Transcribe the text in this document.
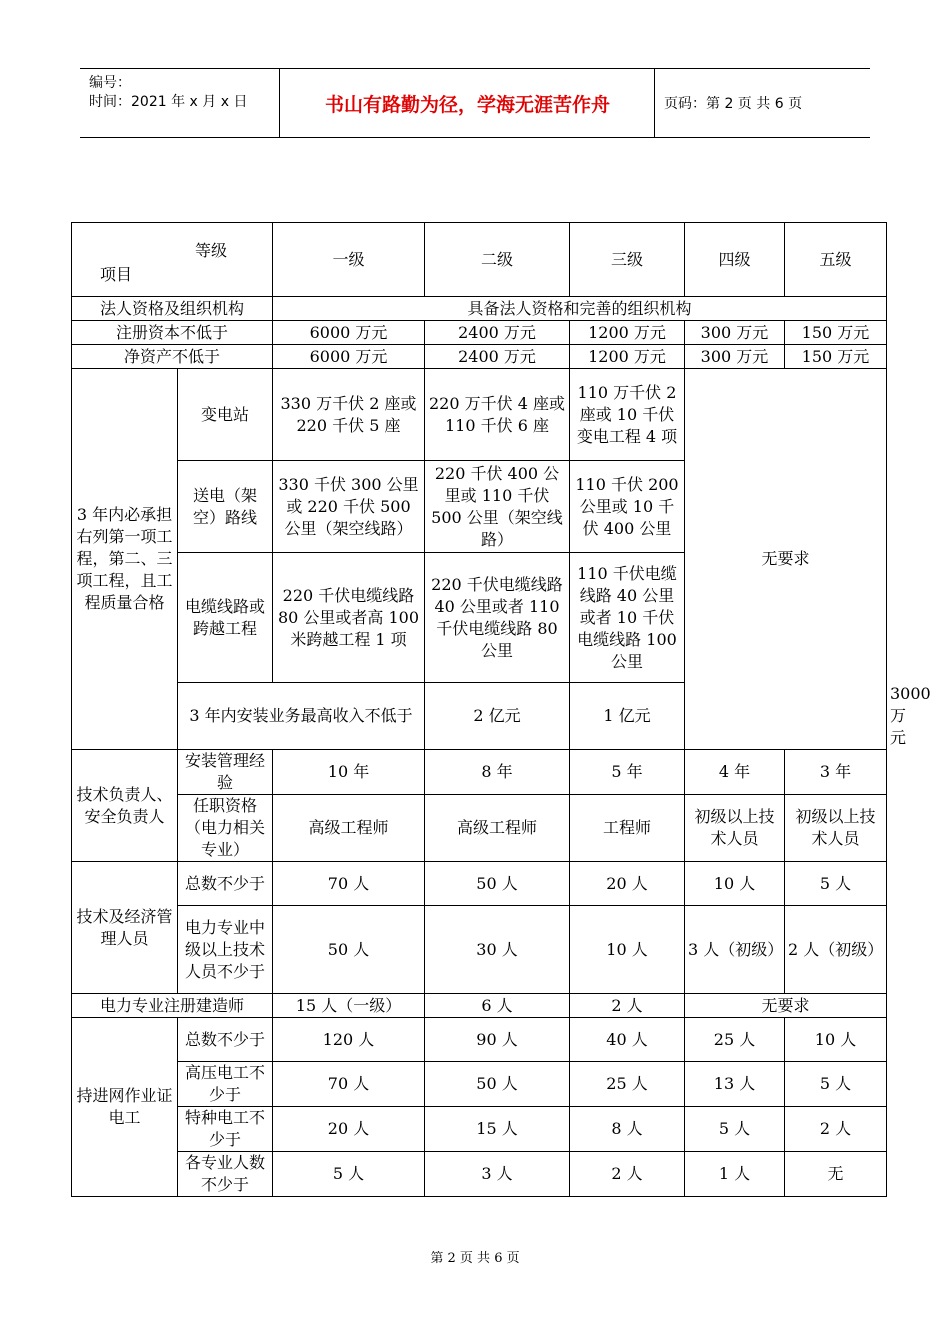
编号：
时间：2021 年 x 月 x 日	书山有路勤为径，学海无涯苦作舟	页码：第 2 页 共 6 页
等级
项目		一级	二级	三级	四级	五级	
法人资格及组织机构		具备法人资格和完善的组织机构					
注册资本不低于		6000 万元	2400 万元	1200 万元	300 万元	150 万元	
净资产不低于		6000 万元	2400 万元	1200 万元	300 万元	150 万元	
3 年内必承担右列第一项工程，第二、三项工程，且工程质量合格	变电站	330 万千伏 2 座或 220 千伏 5 座	220 万千伏 4 座或 110 千伏 6 座	110 万千伏 2 座或 10 千伏变电工程 4 项	无要求		
	送电（架空）路线	330 千伏 300 公里或 220 千伏 500 公里（架空线路）	220 千伏 400 公里或 110 千伏 500 公里（架空线路）	110 千伏 200 公里或 10 千伏 400 公里			
	电缆线路或跨越工程	220 千伏电缆线路 80 公里或者高 100 米跨越工程 1 项	220 千伏电缆线路 40 公里或者 110 千伏电缆线路 80 公里	110 千伏电缆线路 40 公里或者 10 千伏电缆线路 100 公里			
	3 年内安装业务最高收入不低于		2 亿元	1 亿元			3000 万元
技术负责人、安全负责人	安装管理经验	10 年	8 年	5 年	4 年	3 年	
	任职资格（电力相关专业）	高级工程师	高级工程师	工程师	初级以上技术人员	初级以上技术人员	
技术及经济管理人员	总数不少于	70 人	50 人	20 人	10 人	5 人	
	电力专业中级以上技术人员不少于	50 人	30 人	10 人	3 人（初级）	2 人（初级）	
电力专业注册建造师		15 人（一级）	6 人	2 人	无要求		
持进网作业证电工	总数不少于	120 人	90 人	40 人	25 人	10 人	
	高压电工不少于	70 人	50 人	25 人	13 人	5 人	
	特种电工不少于	20 人	15 人	8 人	5 人	2 人	
	各专业人数不少于	5 人	3 人	2 人	1 人	无	
第 2 页 共 6 页
